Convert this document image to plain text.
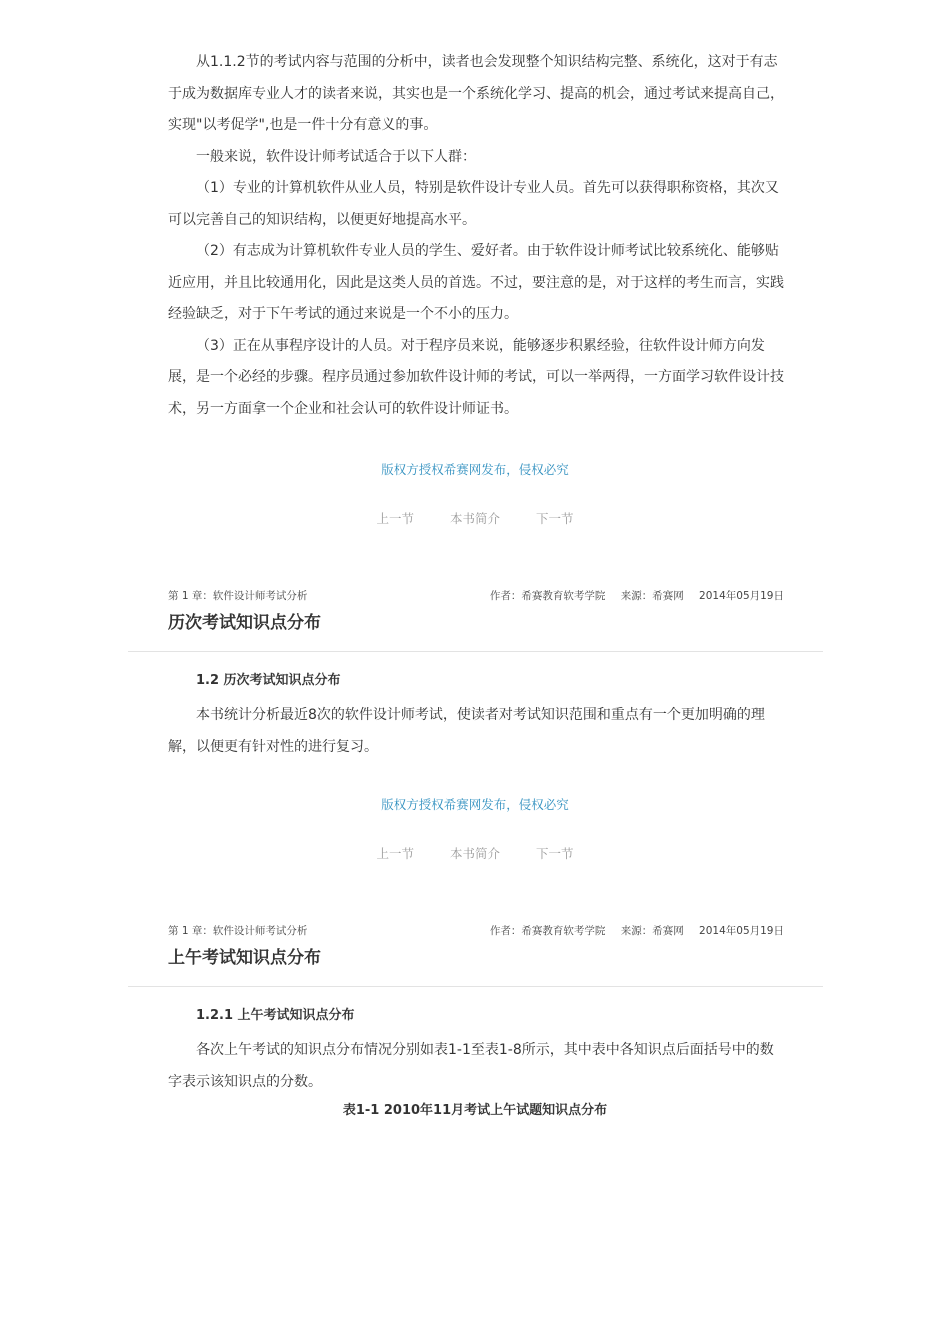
从1.1.2节的考试内容与范围的分析中，读者也会发现整个知识结构完整、系统化，这对于有志于成为数据库专业人才的读者来说，其实也是一个系统化学习、提高的机会，通过考试来提高自己，实现"以考促学",也是一件十分有意义的事。

一般来说，软件设计师考试适合于以下人群：

（1）专业的计算机软件从业人员，特别是软件设计专业人员。首先可以获得职称资格，其次又可以完善自己的知识结构，以便更好地提高水平。

（2）有志成为计算机软件专业人员的学生、爱好者。由于软件设计师考试比较系统化、能够贴近应用，并且比较通用化，因此是这类人员的首选。不过，要注意的是，对于这样的考生而言，实践经验缺乏，对于下午考试的通过来说是一个不小的压力。

（3）正在从事程序设计的人员。对于程序员来说，能够逐步积累经验，往软件设计师方向发展，是一个必经的步骤。程序员通过参加软件设计师的考试，可以一举两得，一方面学习软件设计技术，另一方面拿一个企业和社会认可的软件设计师证书。

版权方授权希赛网发布，侵权必究
上一节	本书简介	下一节
第 1 章：软件设计师考试分析	作者：希赛教育软考学院 来源：希赛网 2014年05月19日
历次考试知识点分布

1.2 历次考试知识点分布

本书统计分析最近8次的软件设计师考试，使读者对考试知识范围和重点有一个更加明确的理解，以便更有针对性的进行复习。

版权方授权希赛网发布，侵权必究
上一节	本书简介	下一节
第 1 章：软件设计师考试分析	作者：希赛教育软考学院 来源：希赛网 2014年05月19日
上午考试知识点分布

1.2.1 上午考试知识点分布

各次上午考试的知识点分布情况分别如表1-1至表1-8所示，其中表中各知识点后面括号中的数字表示该知识点的分数。

表1-1 2010年11月考试上午试题知识点分布
